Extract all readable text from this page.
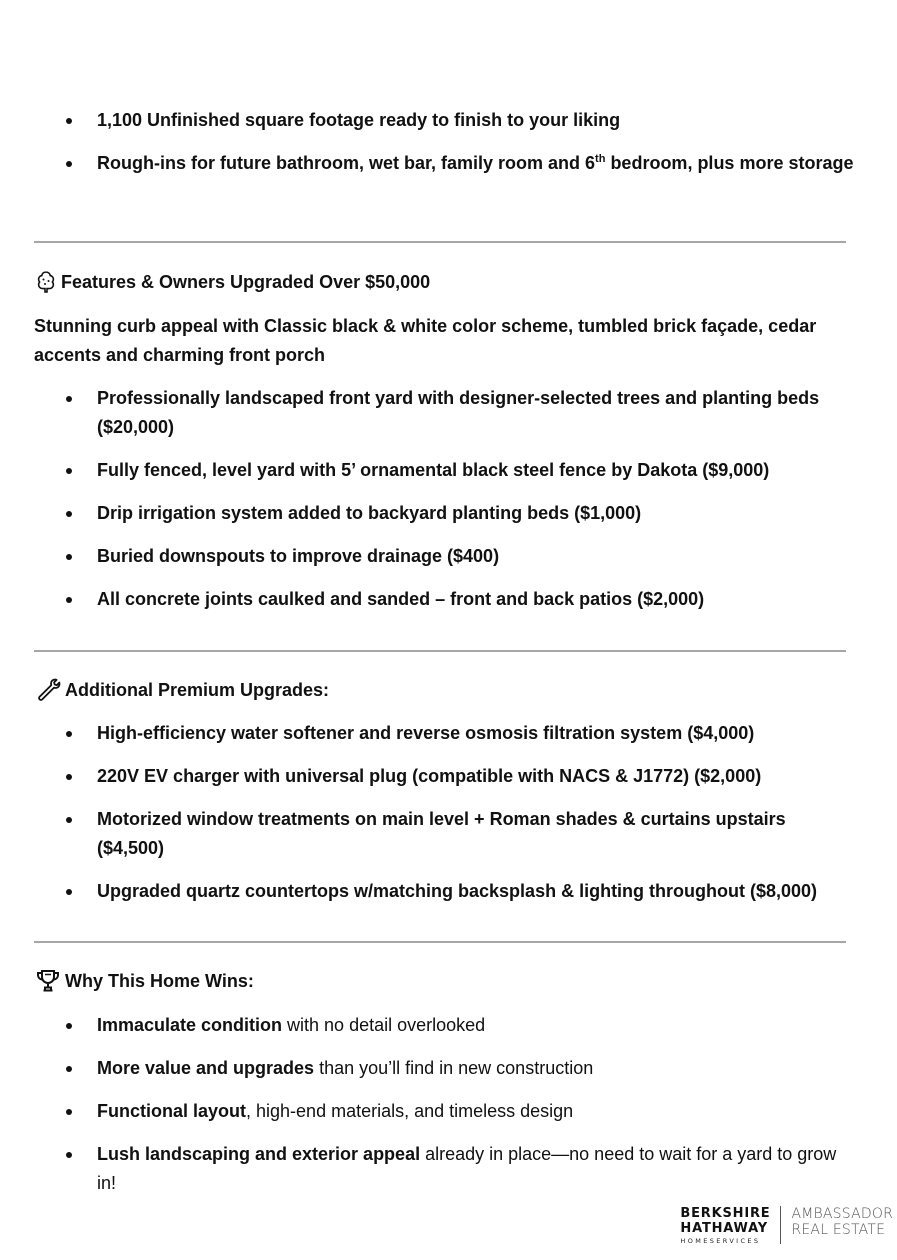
1,100 Unfinished square footage ready to finish to your liking
Rough-ins for future bathroom, wet bar, family room and 6th bedroom, plus more storage
Features & Owners Upgraded Over $50,000
Stunning curb appeal with Classic black & white color scheme, tumbled brick façade, cedar accents and charming front porch
Professionally landscaped front yard with designer-selected trees and planting beds ($20,000)
Fully fenced, level yard with 5’ ornamental black steel fence by Dakota ($9,000)
Drip irrigation system added to backyard planting beds ($1,000)
Buried downspouts to improve drainage ($400)
All concrete joints caulked and sanded – front and back patios ($2,000)
Additional Premium Upgrades:
High-efficiency water softener and reverse osmosis filtration system ($4,000)
220V EV charger with universal plug (compatible with NACS & J1772) ($2,000)
Motorized window treatments on main level + Roman shades & curtains upstairs ($4,500)
Upgraded quartz countertops w/matching backsplash & lighting throughout ($8,000)
Why This Home Wins:
Immaculate condition with no detail overlooked
More value and upgrades than you’ll find in new construction
Functional layout, high-end materials, and timeless design
Lush landscaping and exterior appeal already in place—no need to wait for a yard to grow in!
BERKSHIRE
HATHAWAY
HOMESERVICES
AMBASSADOR
REAL ESTATE
